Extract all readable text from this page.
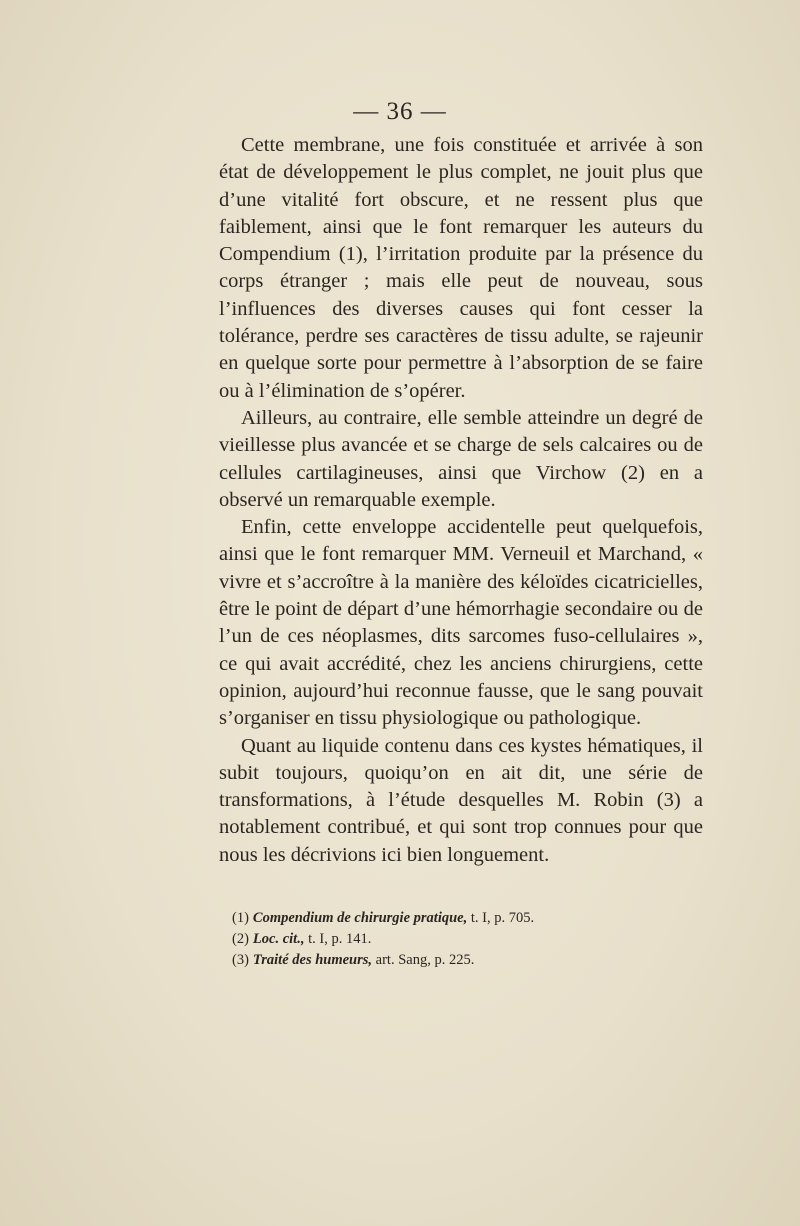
— 36 —

Cette membrane, une fois constituée et arrivée à son état de développement le plus complet, ne jouit plus que d’une vitalité fort obscure, et ne ressent plus que faiblement, ainsi que le font remarquer les auteurs du Compendium (1), l’irritation produite par la présence du corps étranger ; mais elle peut de nouveau, sous l’influences des diverses causes qui font cesser la tolérance, perdre ses caractères de tissu adulte, se rajeunir en quelque sorte pour permettre à l’absorption de se faire ou à l’élimination de s’opérer.

Ailleurs, au contraire, elle semble atteindre un degré de vieillesse plus avancée et se charge de sels calcaires ou de cellules cartilagineuses, ainsi que Virchow (2) en a observé un remarquable exemple.

Enfin, cette enveloppe accidentelle peut quelquefois, ainsi que le font remarquer MM. Verneuil et Marchand, « vivre et s’accroître à la manière des kéloïdes cicatricielles, être le point de départ d’une hémorrhagie secondaire ou de l’un de ces néoplasmes, dits sarcomes fuso-cellulaires », ce qui avait accrédité, chez les anciens chirurgiens, cette opinion, aujourd’hui reconnue fausse, que le sang pouvait s’organiser en tissu physiologique ou pathologique.

Quant au liquide contenu dans ces kystes hématiques, il subit toujours, quoiqu’on en ait dit, une série de transformations, à l’étude desquelles M. Robin (3) a notablement contribué, et qui sont trop connues pour que nous les décrivions ici bien longuement.

(1) Compendium de chirurgie pratique, t. I, p. 705.

(2) Loc. cit., t. I, p. 141.

(3) Traité des humeurs, art. Sang, p. 225.
